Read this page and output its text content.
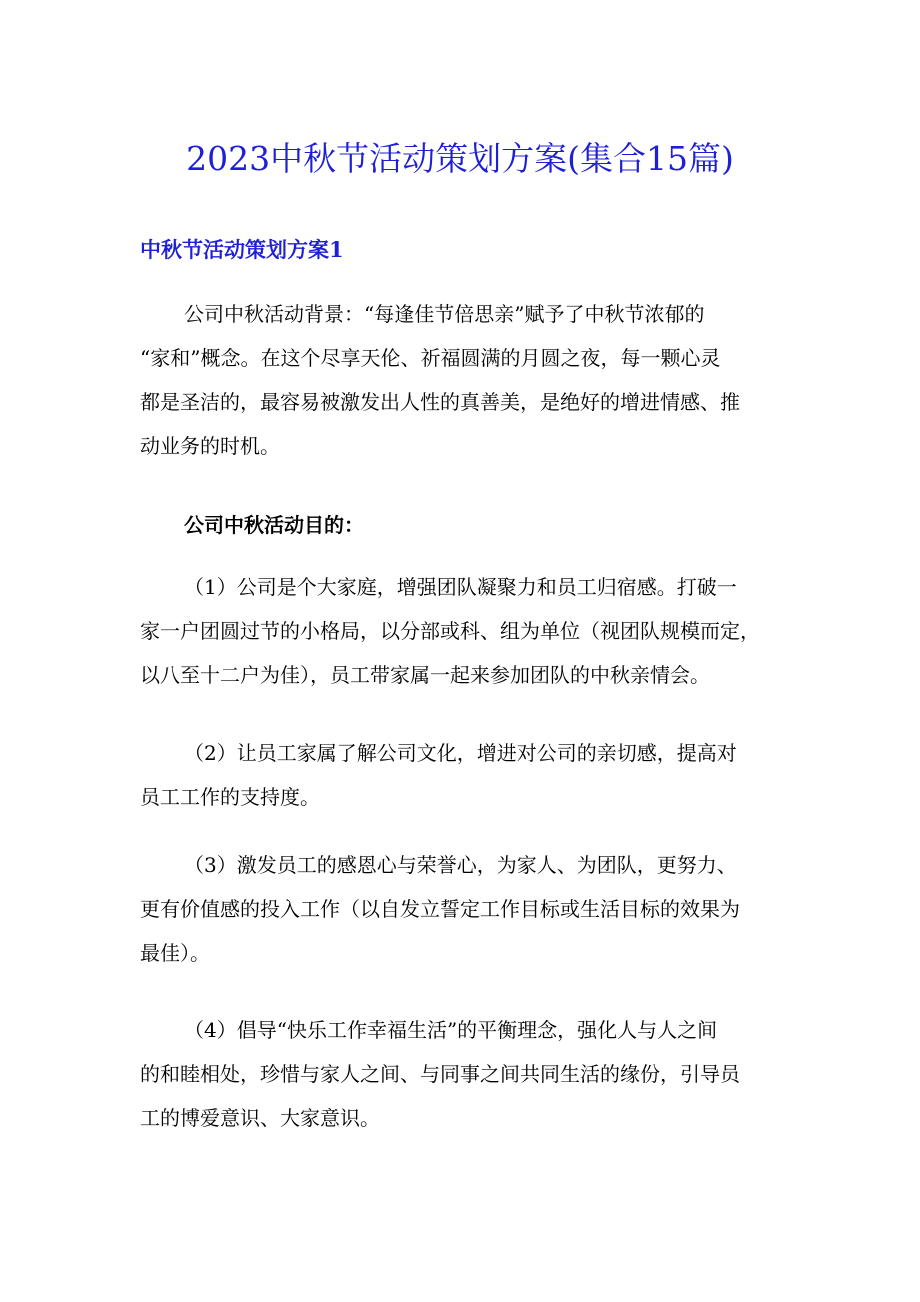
2023中秋节活动策划方案(集合15篇)
中秋节活动策划方案1

公司中秋活动背景：“每逢佳节倍思亲”赋予了中秋节浓郁的
“家和”概念。在这个尽享天伦、祈福圆满的月圆之夜，每一颗心灵
都是圣洁的，最容易被激发出人性的真善美，是绝好的增进情感、推
动业务的时机。

公司中秋活动目的：

（1）公司是个大家庭，增强团队凝聚力和员工归宿感。打破一
家一户团圆过节的小格局，以分部或科、组为单位（视团队规模而定，
以八至十二户为佳），员工带家属一起来参加团队的中秋亲情会。

（2）让员工家属了解公司文化，增进对公司的亲切感，提高对
员工工作的支持度。

（3）激发员工的感恩心与荣誉心，为家人、为团队，更努力、
更有价值感的投入工作（以自发立誓定工作目标或生活目标的效果为
最佳）。

（4）倡导“快乐工作幸福生活”的平衡理念，强化人与人之间
的和睦相处，珍惜与家人之间、与同事之间共同生活的缘份，引导员
工的博爱意识、大家意识。
